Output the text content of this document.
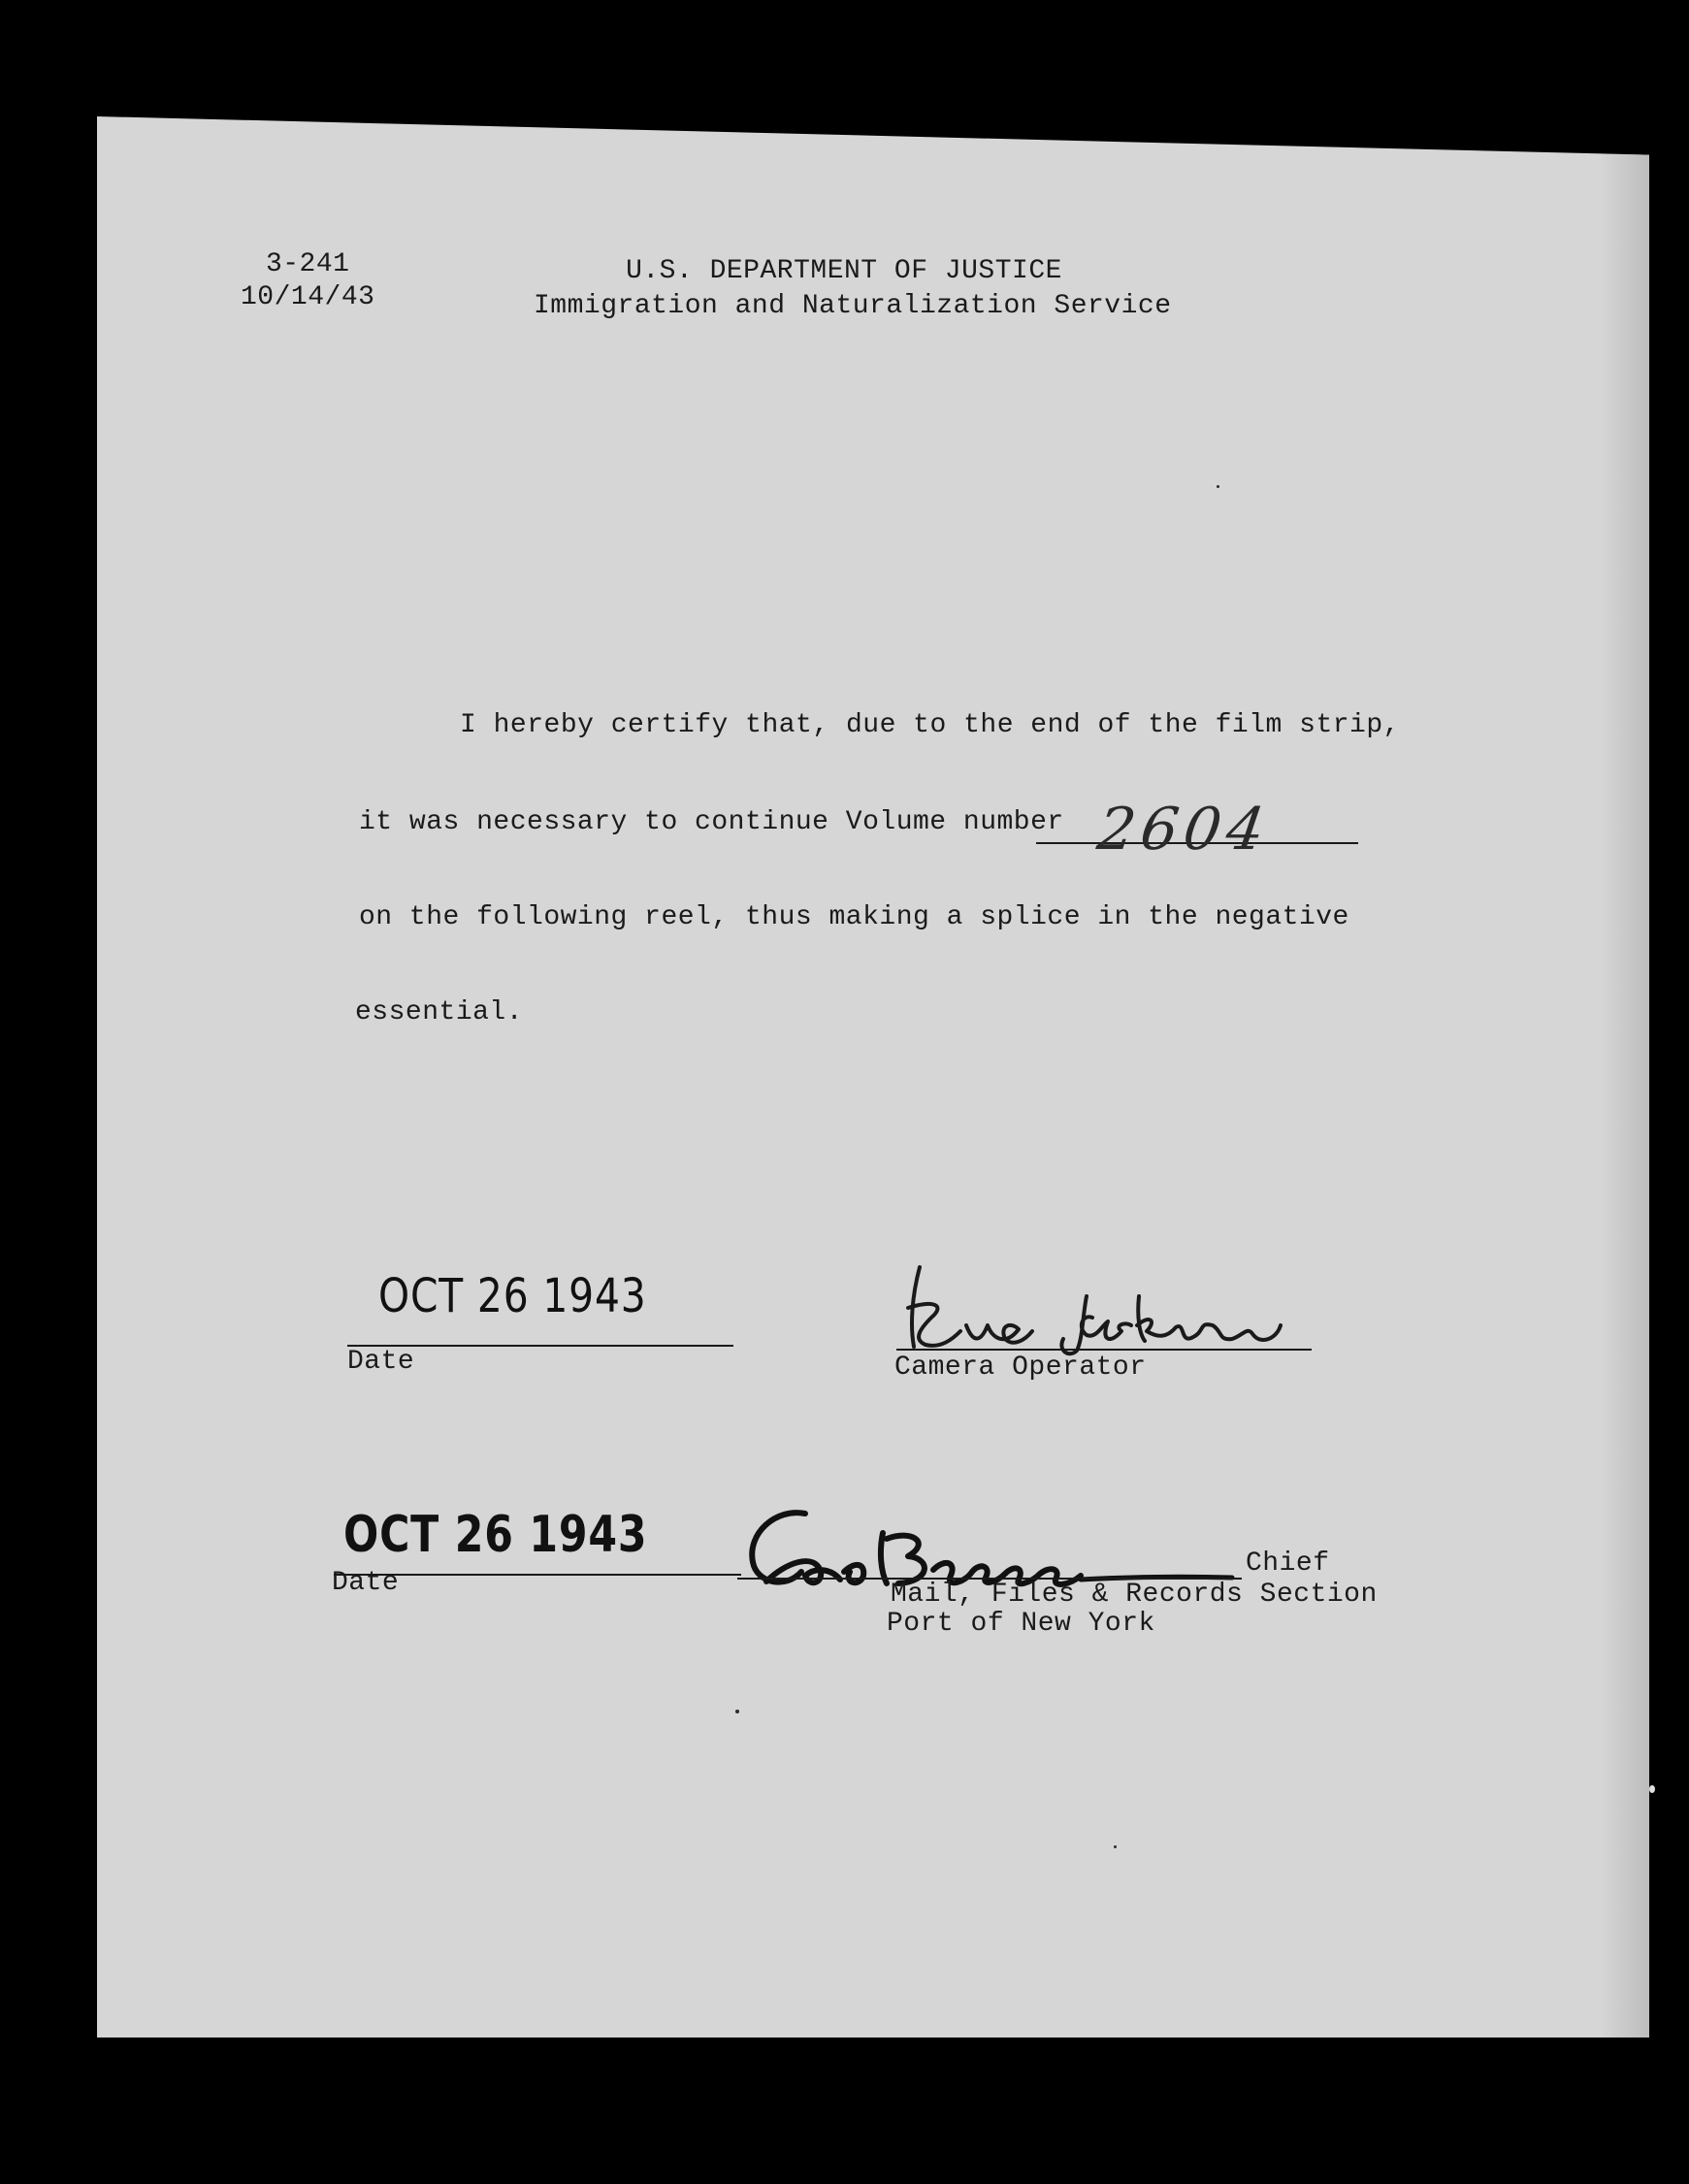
3-241
10/14/43
U.S. DEPARTMENT OF JUSTICE
Immigration and Naturalization Service
I hereby certify that, due to the end of the film strip,
it was necessary to continue Volume number 2604
on the following reel, thus making a splice in the negative
essential.
OCT 26 1943
Date	Camera Operator
OCT 26 1943
Date
Chief
Mail, Files & Records Section
Port of New York
